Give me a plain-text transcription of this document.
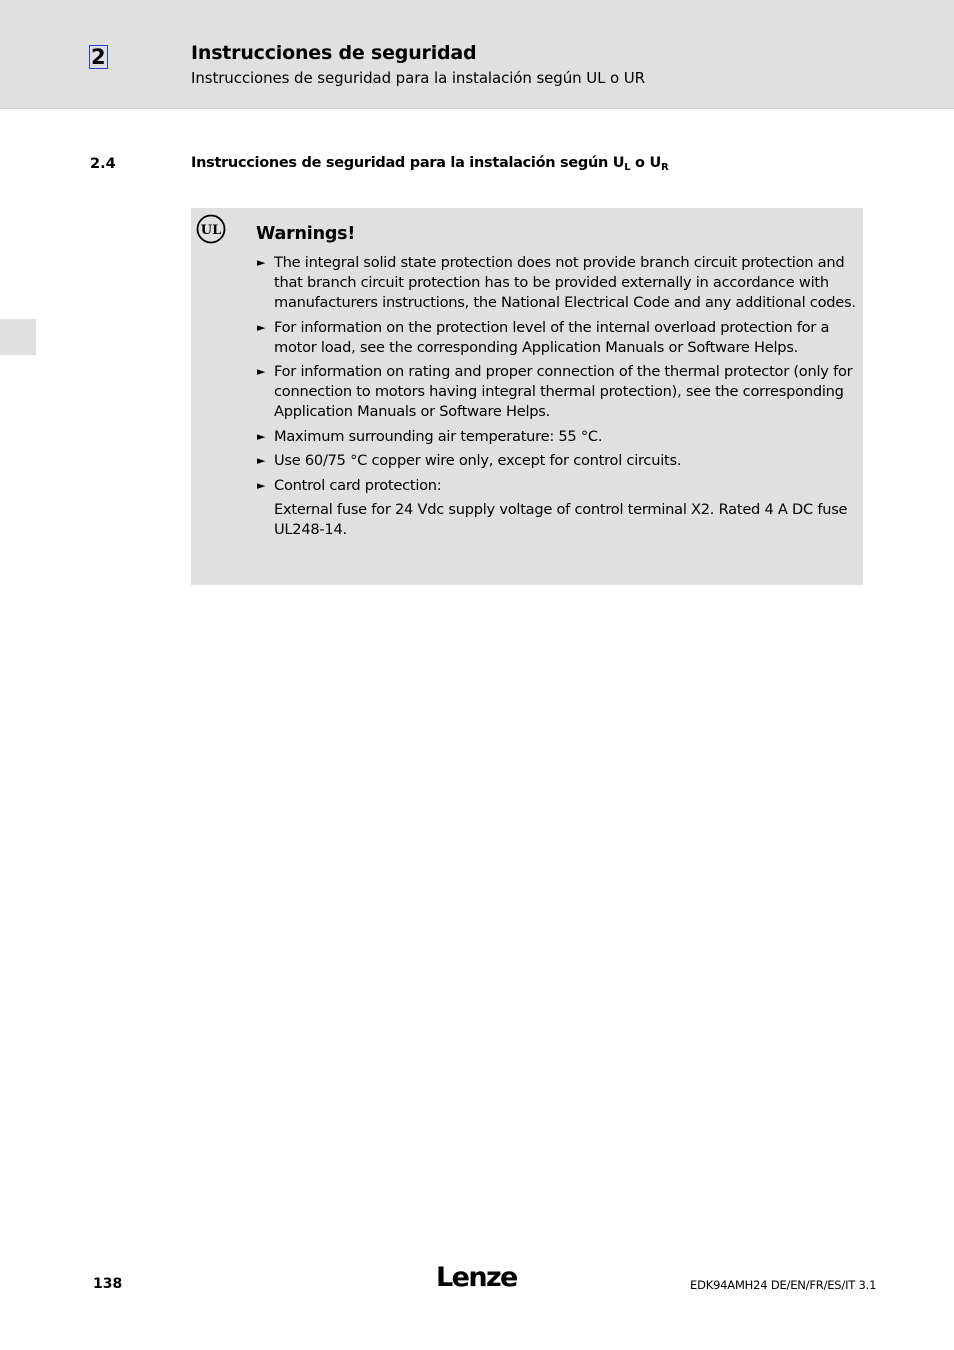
2	Instrucciones de seguridad
Instrucciones de seguridad para la instalación según UL o UR
2.4	Instrucciones de seguridad para la instalación según $U_L$ o $U_R$
UL Warnings!
► The integral solid state protection does not provide branch circuit protection and that branch circuit protection has to be provided externally in accordance with manufacturers instructions, the National Electrical Code and any additional codes.
► For information on the protection level of the internal overload protection for a motor load, see the corresponding Application Manuals or Software Helps.
► For information on rating and proper connection of the thermal protector (only for connection to motors having integral thermal protection), see the corresponding Application Manuals or Software Helps.
► Maximum surrounding air temperature: 55 °C.
► Use 60/75 °C copper wire only, except for control circuits.
► Control card protection:
External fuse for 24 Vdc supply voltage of control terminal X2. Rated 4 A DC fuse UL248-14.
138	Lenze	EDK94AMH24 DE/EN/FR/ES/IT 3.1
